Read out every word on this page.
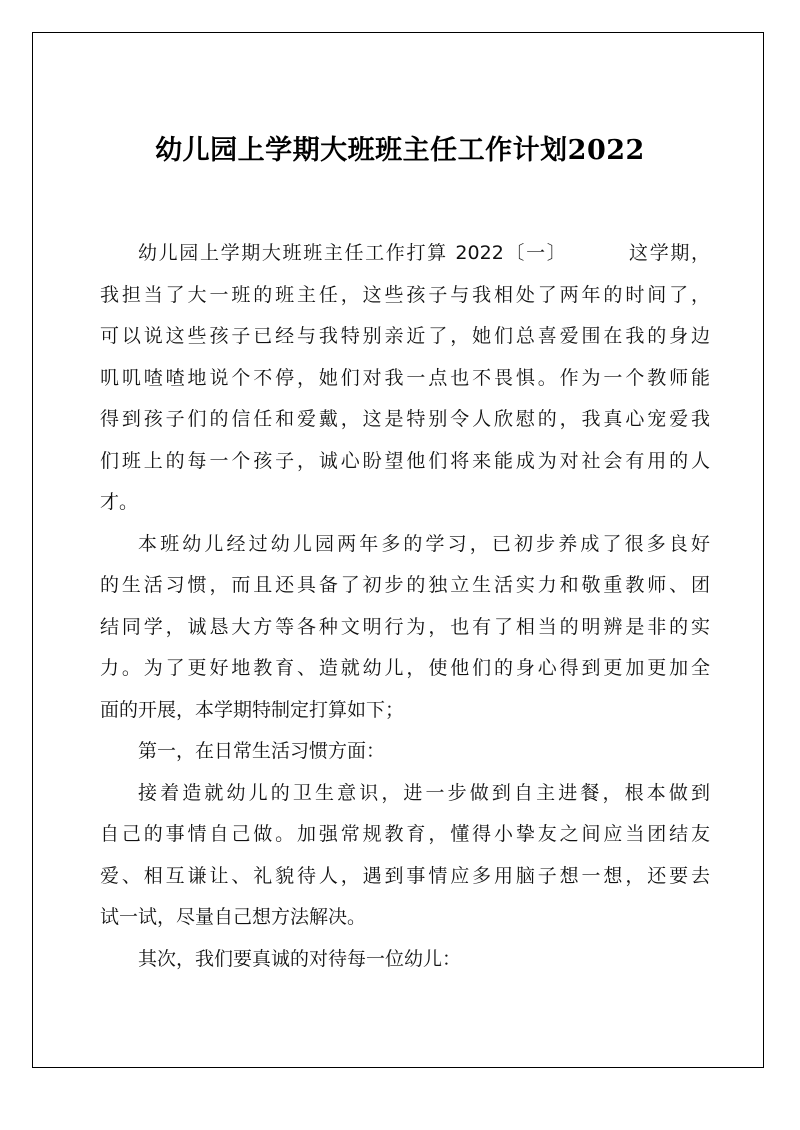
幼儿园上学期大班班主任工作计划2022
幼儿园上学期大班班主任工作打算 2022〔一〕	这学期，
我担当了大一班的班主任，这些孩子与我相处了两年的时间了，
可以说这些孩子已经与我特别亲近了，她们总喜爱围在我的身边
叽叽喳喳地说个不停，她们对我一点也不畏惧。作为一个教师能
得到孩子们的信任和爱戴，这是特别令人欣慰的，我真心宠爱我
们班上的每一个孩子，诚心盼望他们将来能成为对社会有用的人
才。
本班幼儿经过幼儿园两年多的学习，已初步养成了很多良好
的生活习惯，而且还具备了初步的独立生活实力和敬重教师、团
结同学，诚恳大方等各种文明行为，也有了相当的明辨是非的实
力。为了更好地教育、造就幼儿，使他们的身心得到更加更加全
面的开展，本学期特制定打算如下；
第一，在日常生活习惯方面：
接着造就幼儿的卫生意识，进一步做到自主进餐，根本做到
自己的事情自己做。加强常规教育，懂得小挚友之间应当团结友
爱、相互谦让、礼貌待人，遇到事情应多用脑子想一想，还要去
试一试，尽量自己想方法解决。
其次，我们要真诚的对待每一位幼儿：
